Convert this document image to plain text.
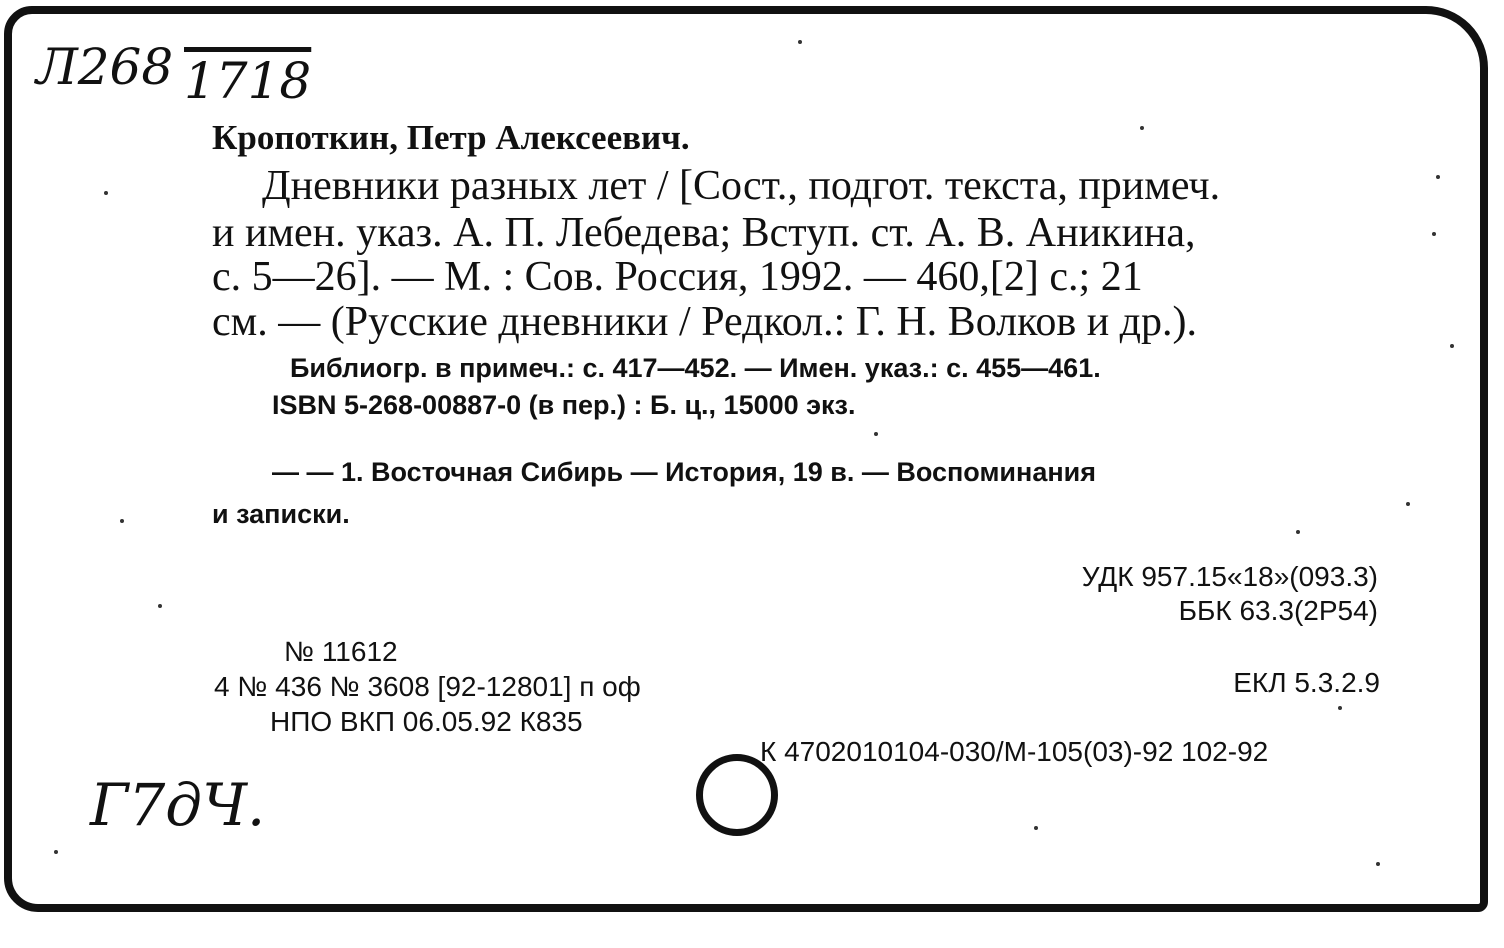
Л268 1718
Кропоткин, Петр Алексеевич.
Дневники разных лет / [Сост., подгот. текста, примеч.
и имен. указ. А. П. Лебедева; Вступ. ст. А. В. Аникина,
с. 5—26]. — М. : Сов. Россия, 1992. — 460,[2] с.; 21
см. — (Русские дневники / Редкол.: Г. Н. Волков и др.).
Библиогр. в примеч.: с. 417—452. — Имен. указ.: с. 455—461.
ISBN 5-268-00887-0 (в пер.) : Б. ц., 15000 экз.
— — 1. Восточная Сибирь — История, 19 в. — Воспоминания
и записки.
УДК 957.15«18»(093.3)
ББК 63.3(2Р54)
№ 11612
4 № 436 № 3608 [92-12801] п оф
НПО ВКП 06.05.92 К835
ЕКЛ 5.3.2.9
К 4702010104-030/М-105(03)-92 102-92
Г7дЧ.
